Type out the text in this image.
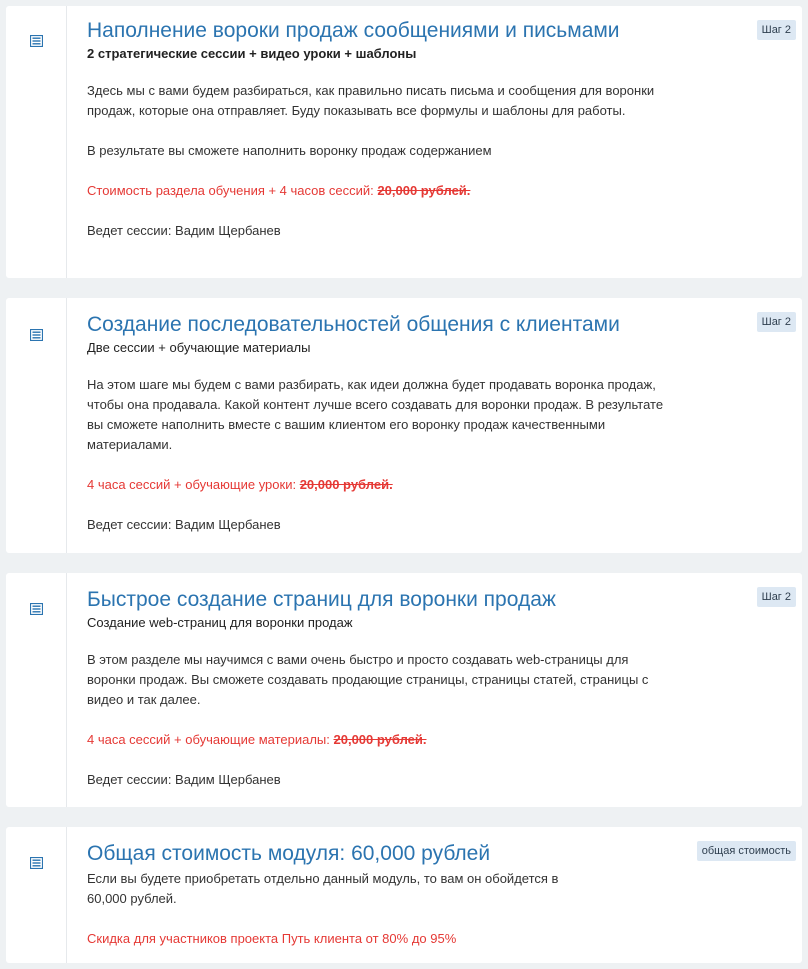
Наполнение вороки продаж сообщениями и письмами
2 стратегические сессии + видео уроки + шаблоны

Здесь мы с вами будем разбираться, как правильно писать письма и сообщения для воронки продаж, которые она отправляет. Буду показывать все формулы и шаблоны для работы.

В результате вы сможете наполнить воронку продаж содержанием

Стоимость раздела обучения + 4 часов сессий: 20,000 рублей.

Ведет сессии: Вадим Щербанев

Шаг 2
Создание последовательностей общения с клиентами
Две сессии + обучающие материалы

На этом шаге мы будем с вами разбирать, как идеи должна будет продавать воронка продаж, чтобы она продавала. Какой контент лучше всего создавать для воронки продаж. В результате вы сможете наполнить вместе с вашим клиентом его воронку продаж качественными материалами.

4 часа сессий + обучающие уроки: 20,000 рублей.

Ведет сессии: Вадим Щербанев

Шаг 2
Быстрое создание страниц для воронки продаж
Создание web-страниц для воронки продаж

В этом разделе мы научимся с вами очень быстро и просто создавать web-страницы для воронки продаж. Вы сможете создавать продающие страницы, страницы статей, страницы с видео и так далее.

4 часа сессий + обучающие материалы: 20,000 рублей.

Ведет сессии: Вадим Щербанев

Шаг 2
Общая стоимость модуля: 60,000 рублей
Если вы будете приобретать отдельно данный модуль, то вам он обойдется в 60,000 рублей.

Скидка для участников проекта Путь клиента от 80% до 95%

общая стоимость
